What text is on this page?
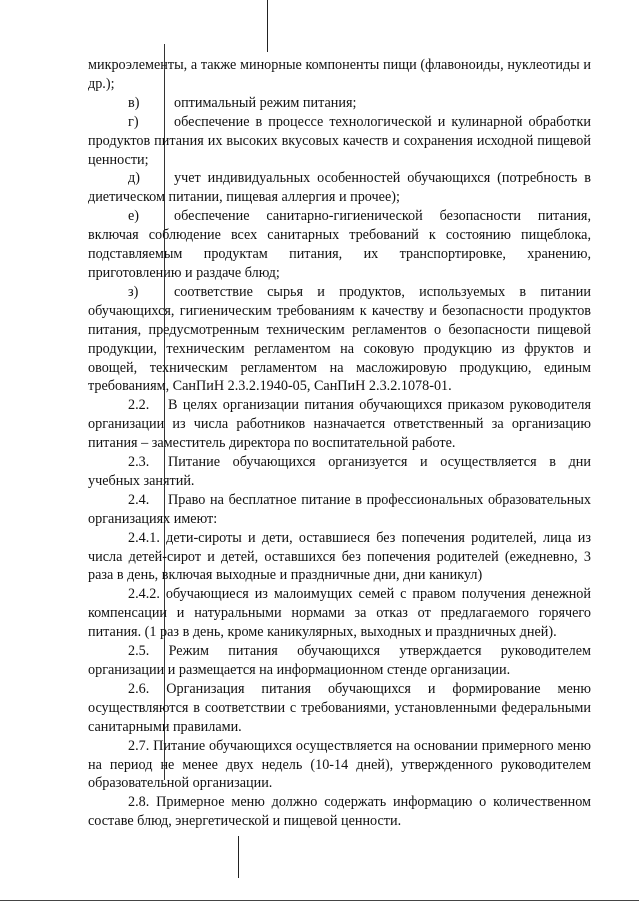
микроэлементы, а также минорные компоненты пищи (флавоноиды, нуклеотиды и др.);

в) оптимальный режим питания;

г) обеспечение в процессе технологической и кулинарной обработки продуктов питания их высоких вкусовых качеств и сохранения исходной пищевой ценности;

д) учет индивидуальных особенностей обучающихся (потребность в диетическом питании, пищевая аллергия и прочее);

е) обеспечение санитарно-гигиенической безопасности питания, включая соблюдение всех санитарных требований к состоянию пищеблока, подставляемым продуктам питания, их транспортировке, хранению, приготовлению и раздаче блюд;

з)	соответствие сырья и продуктов, используемых в питании обучающихся, гигиеническим требованиям к качеству и безопасности продуктов питания, предусмотренным техническим регламентов о безопасности пищевой продукции, техническим регламентом на соковую продукцию из фруктов и овощей, техническим регламентом на масложировую продукцию, единым требованиям, СанПиН 2.3.2.1940-05, СанПиН 2.3.2.1078-01.

2.2. В целях организации питания обучающихся приказом руководителя организации из числа работников назначается ответственный за организацию питания – заместитель директора по воспитательной работе.

2.3. Питание обучающихся организуется и осуществляется в дни учебных занятий.

2.4. Право на бесплатное питание в профессиональных образовательных организациях имеют:

2.4.1. дети-сироты и дети, оставшиеся без попечения родителей, лица из числа детей-сирот и детей, оставшихся без попечения родителей (ежедневно, 3 раза в день, включая выходные и праздничные дни, дни каникул)

2.4.2. обучающиеся из малоимущих семей с правом получения денежной компенсации и натуральными нормами за отказ от предлагаемого горячего питания. (1 раз в день, кроме каникулярных, выходных и праздничных дней).

2.5. Режим питания обучающихся утверждается руководителем организации и размещается на информационном стенде организации.

2.6. Организация питания обучающихся и формирование меню осуществляются в соответствии с требованиями, установленными федеральными санитарными правилами.

2.7. Питание обучающихся осуществляется на основании примерного меню на период не менее двух недель (10-14 дней), утвержденного руководителем образовательной организации.

2.8. Примерное меню должно содержать информацию о количественном составе блюд, энергетической и пищевой ценности.
